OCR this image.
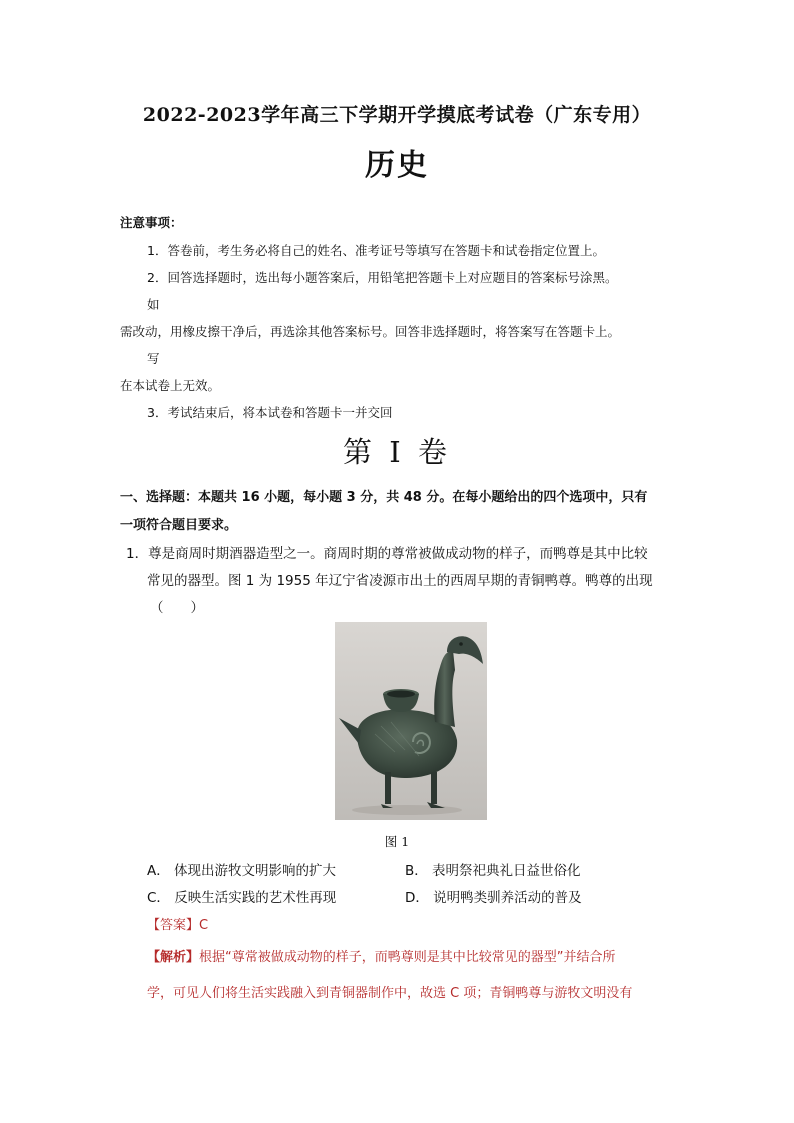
2022-2023学年高三下学期开学摸底考试卷（广东专用）
历史
注意事项：
1．答卷前，考生务必将自己的姓名、准考证号等填写在答题卡和试卷指定位置上。
2．回答选择题时，选出每小题答案后，用铅笔把答题卡上对应题目的答案标号涂黑。
如
需改动，用橡皮擦干净后，再选涂其他答案标号。回答非选择题时，将答案写在答题卡上。
写
在本试卷上无效。
3．考试结束后，将本试卷和答题卡一并交回
第 I 卷
一、选择题：本题共 16 小题，每小题 3 分，共 48 分。在每小题给出的四个选项中，只有
一项符合题目要求。
1．尊是商周时期酒器造型之一。商周时期的尊常被做成动物的样子，而鸭尊是其中比较
常见的器型。图 1 为 1955 年辽宁省凌源市出土的西周早期的青铜鸭尊。鸭尊的出现
（　　）
图 1
A． 体现出游牧文明影响的扩大	B． 表明祭祀典礼日益世俗化
C． 反映生活实践的艺术性再现	D． 说明鸭类驯养活动的普及
【答案】C
【解析】根据“尊常被做成动物的样子，而鸭尊则是其中比较常见的器型”并结合所
学，可见人们将生活实践融入到青铜器制作中，故选 C 项；青铜鸭尊与游牧文明没有
